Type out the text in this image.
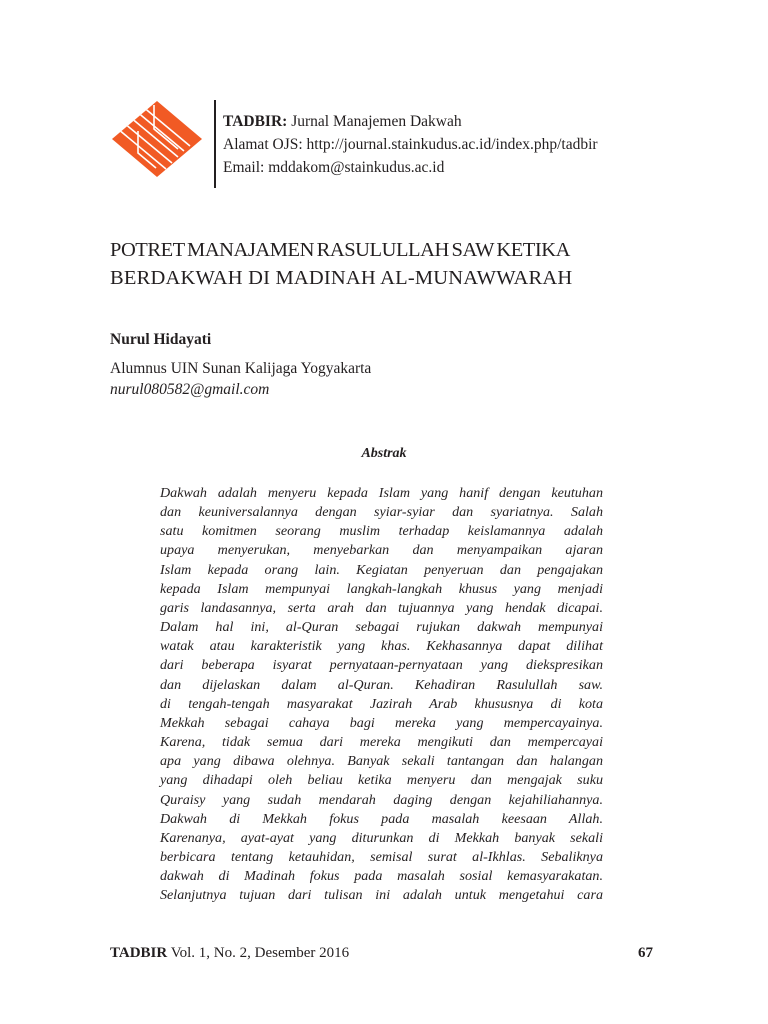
TADBIR: Jurnal Manajemen Dakwah
Alamat OJS: http://journal.stainkudus.ac.id/index.php/tadbir
Email: mddakom@stainkudus.ac.id
POTRET MANAJAMEN RASULULLAH SAW KETIKA
BERDAKWAH DI MADINAH AL-MUNAWWARAH
Nurul Hidayati
Alumnus UIN Sunan Kalijaga Yogyakarta
nurul080582@gmail.com
Abstrak
Dakwah adalah menyeru kepada Islam yang hanif dengan keutuhan
dan keuniversalannya dengan syiar-syiar dan syariatnya. Salah
satu komitmen seorang muslim terhadap keislamannya adalah
upaya menyerukan, menyebarkan dan menyampaikan ajaran
Islam kepada orang lain. Kegiatan penyeruan dan pengajakan
kepada Islam mempunyai langkah-langkah khusus yang menjadi
garis landasannya, serta arah dan tujuannya yang hendak dicapai.
Dalam hal ini, al-Quran sebagai rujukan dakwah mempunyai
watak atau karakteristik yang khas. Kekhasannya dapat dilihat
dari beberapa isyarat pernyataan-pernyataan yang diekspresikan
dan dijelaskan dalam al-Quran. Kehadiran Rasulullah saw.
di tengah-tengah masyarakat Jazirah Arab khususnya di kota
Mekkah sebagai cahaya bagi mereka yang mempercayainya.
Karena, tidak semua dari mereka mengikuti dan mempercayai
apa yang dibawa olehnya. Banyak sekali tantangan dan halangan
yang dihadapi oleh beliau ketika menyeru dan mengajak suku
Quraisy yang sudah mendarah daging dengan kejahiliahannya.
Dakwah di Mekkah fokus pada masalah keesaan Allah.
Karenanya, ayat-ayat yang diturunkan di Mekkah banyak sekali
berbicara tentang ketauhidan, semisal surat al-Ikhlas. Sebaliknya
dakwah di Madinah fokus pada masalah sosial kemasyarakatan.
Selanjutnya tujuan dari tulisan ini adalah untuk mengetahui cara
TADBIR Vol. 1, No. 2, Desember 2016	67
